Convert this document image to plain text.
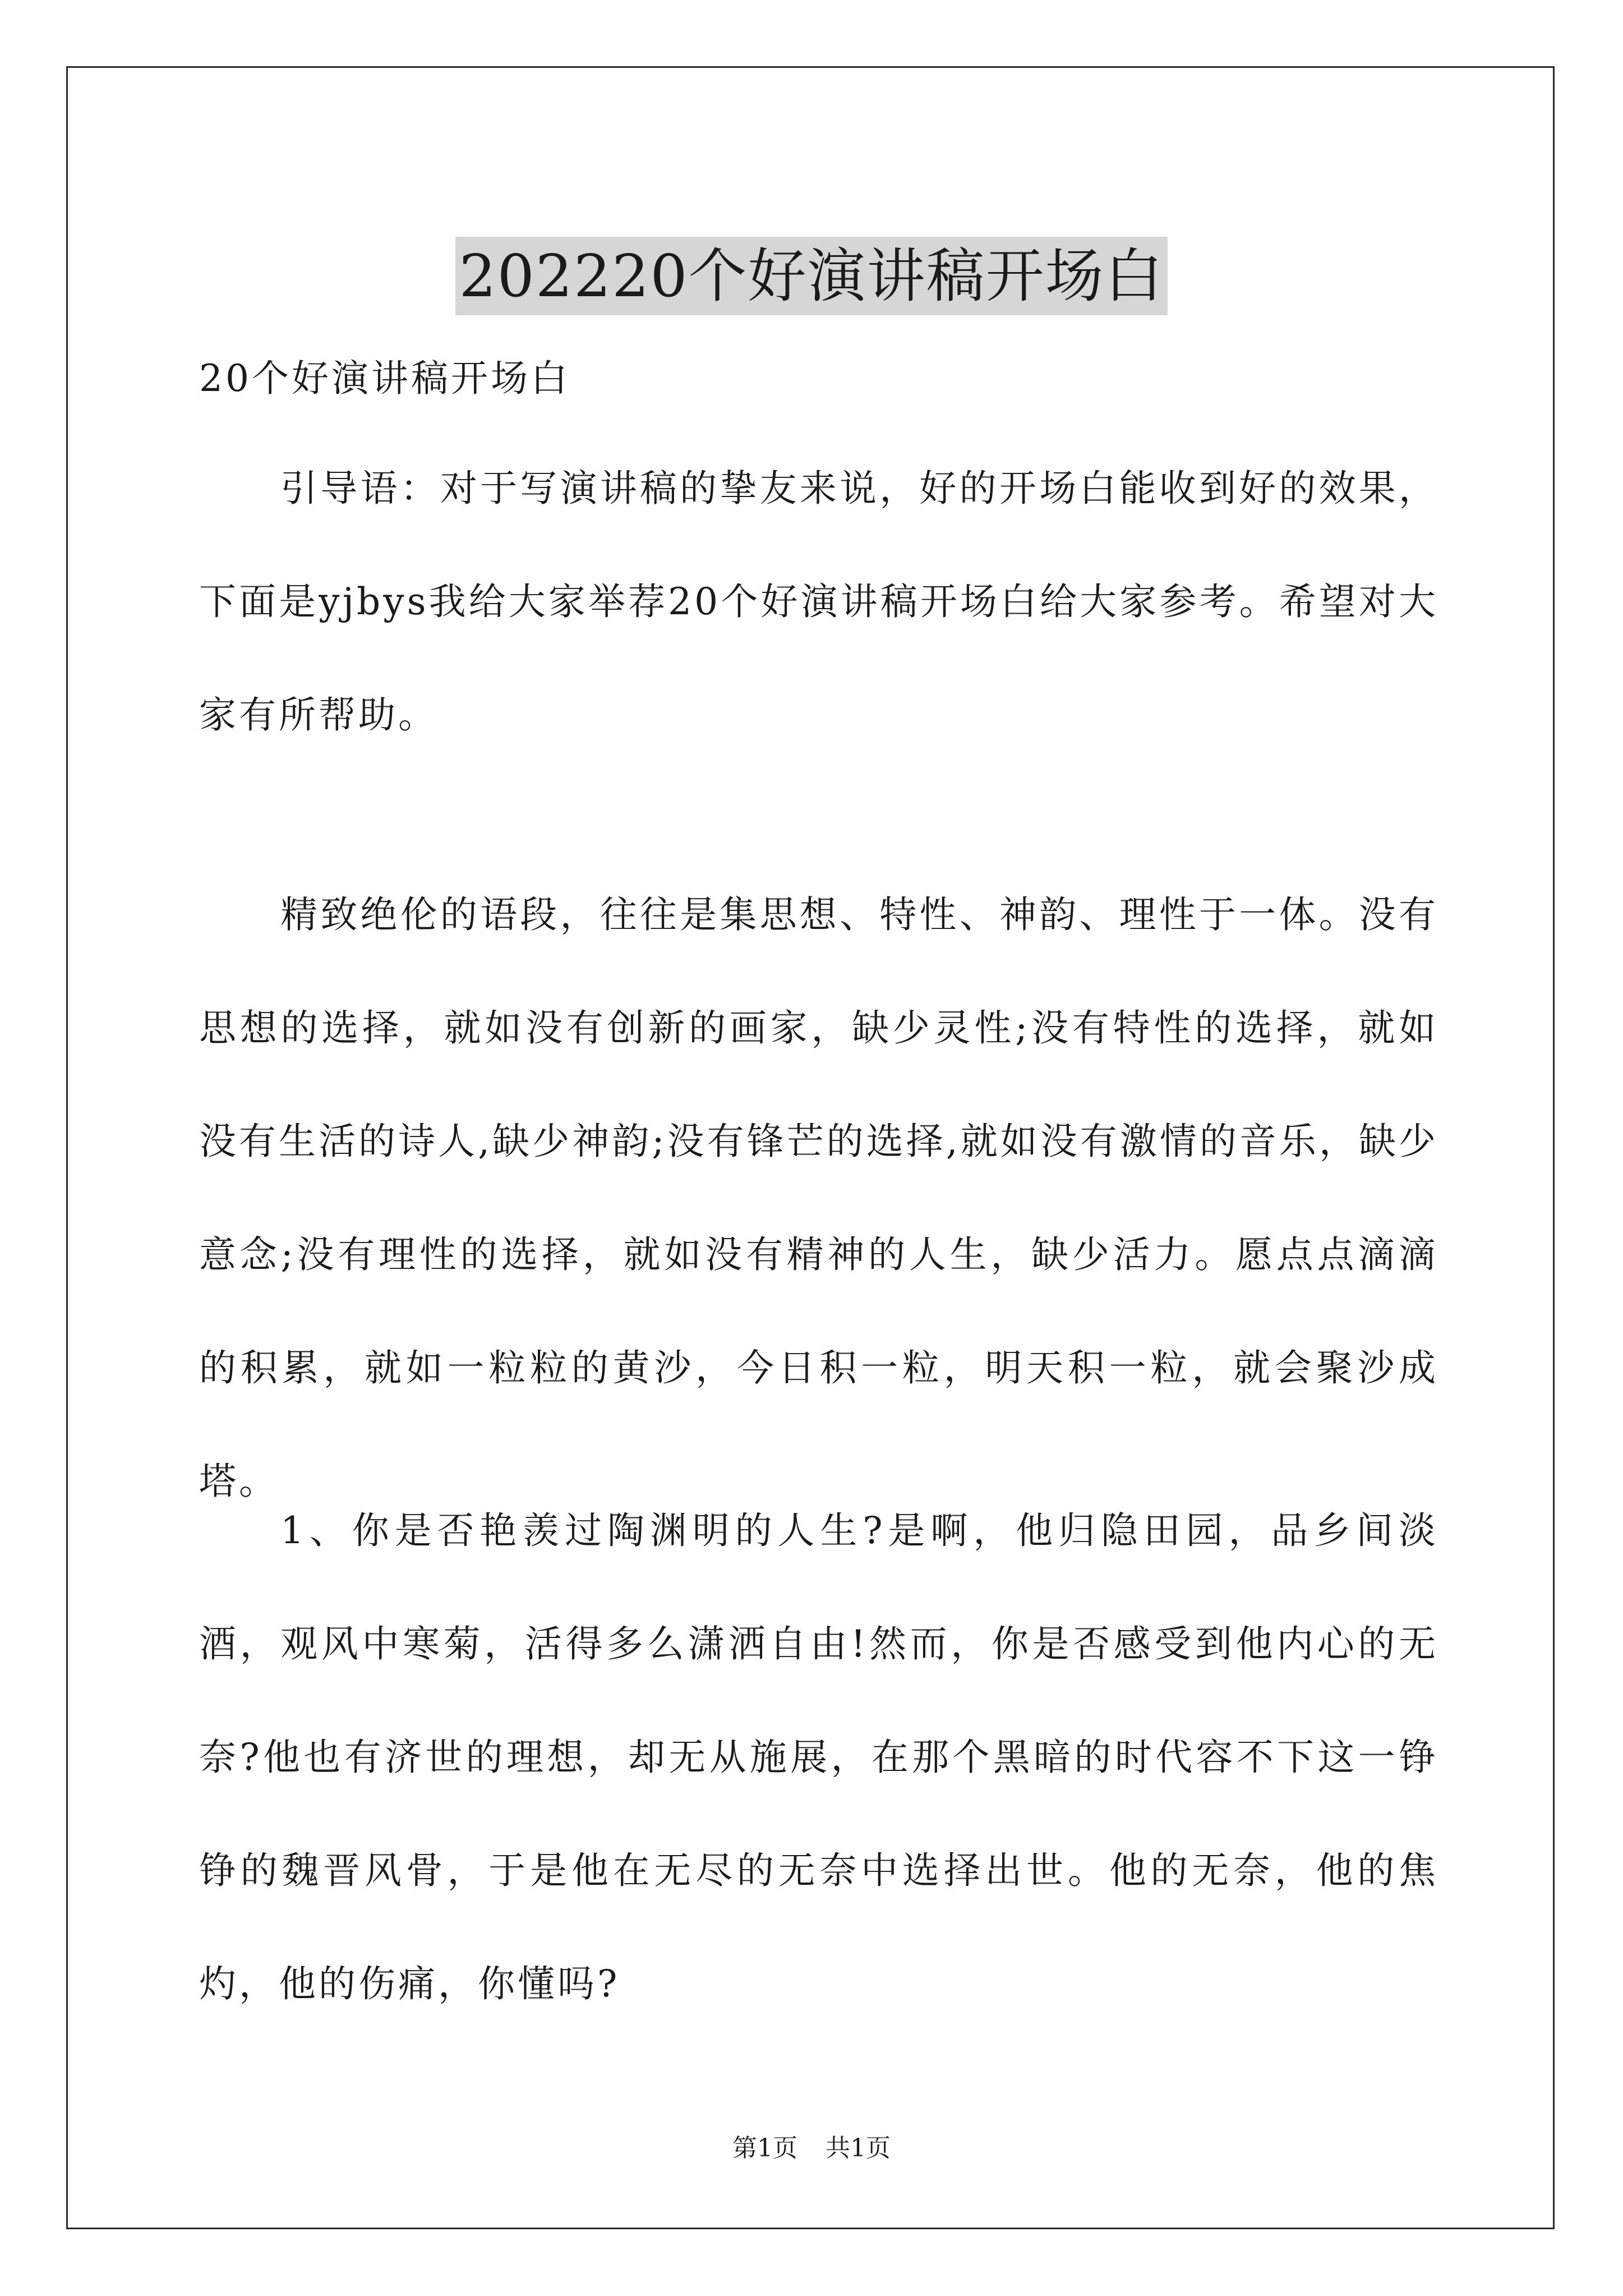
202220个好演讲稿开场白

20个好演讲稿开场白

引导语：对于写演讲稿的挚友来说，好的开场白能收到好的效果，下面是yjbys我给大家举荐20个好演讲稿开场白给大家参考。希望对大家有所帮助。

精致绝伦的语段，往往是集思想、特性、神韵、理性于一体。没有思想的选择，就如没有创新的画家，缺少灵性;没有特性的选择，就如没有生活的诗人,缺少神韵;没有锋芒的选择,就如没有激情的音乐，缺少意念;没有理性的选择，就如没有精神的人生，缺少活力。愿点点滴滴的积累，就如一粒粒的黄沙，今日积一粒，明天积一粒，就会聚沙成塔。

1、你是否艳羡过陶渊明的人生?是啊，他归隐田园，品乡间淡酒，观风中寒菊，活得多么潇洒自由!然而，你是否感受到他内心的无奈?他也有济世的理想，却无从施展，在那个黑暗的时代容不下这一铮铮的魏晋风骨，于是他在无尽的无奈中选择出世。他的无奈，他的焦灼，他的伤痛，你懂吗?

第1页 共1页
